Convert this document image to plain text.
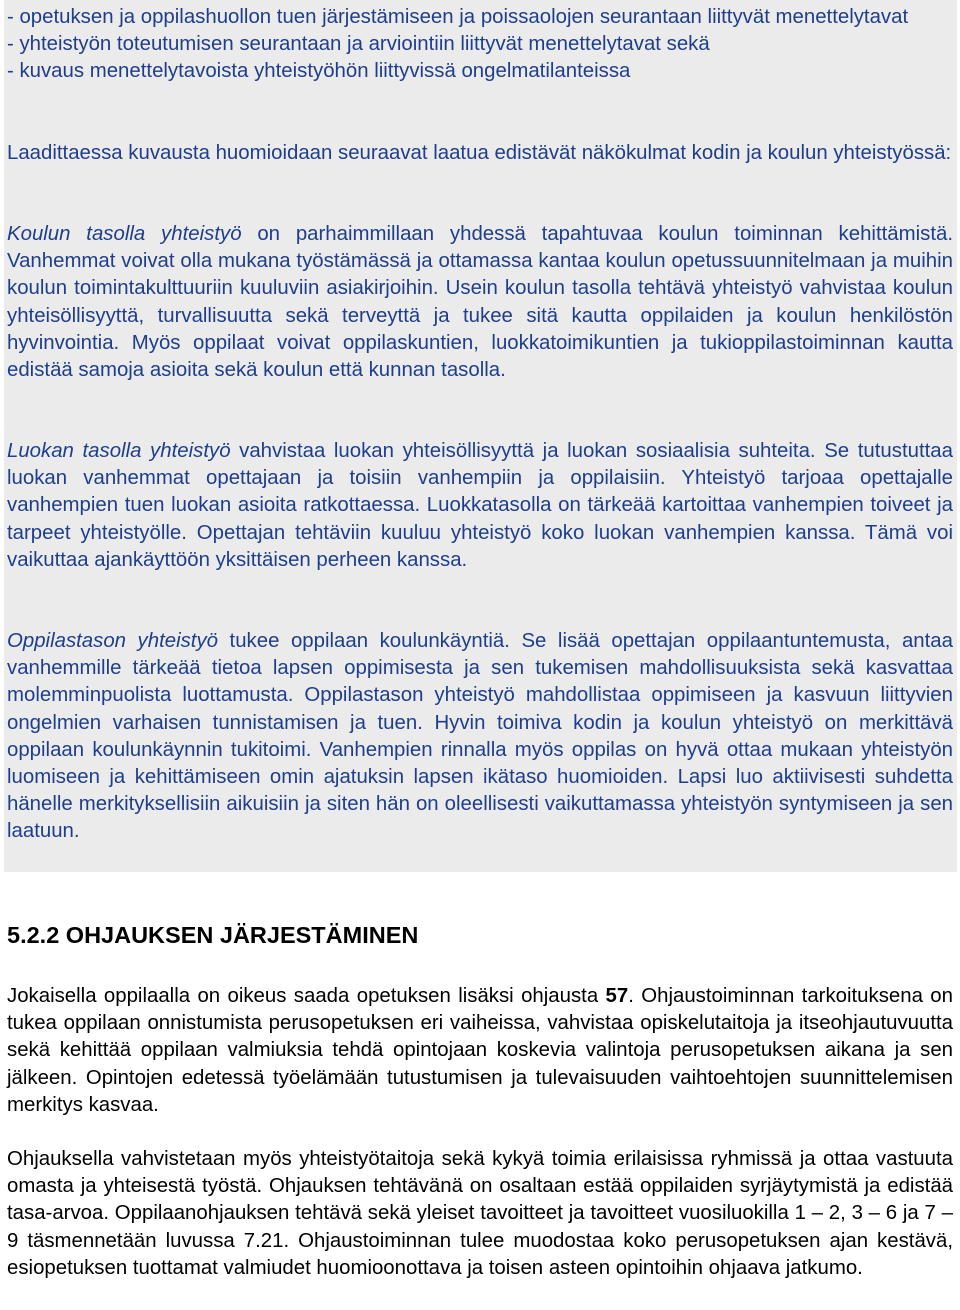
- opetuksen ja oppilashuollon tuen järjestämiseen ja poissaolojen seurantaan liittyvät menettelytavat
- yhteistyön toteutumisen seurantaan ja arviointiin liittyvät menettelytavat sekä
- kuvaus menettelytavoista yhteistyöhön liittyvissä ongelmatilanteissa

Laadittaessa kuvausta huomioidaan seuraavat laatua edistävät näkökulmat kodin ja koulun yhteistyössä:

Koulun tasolla yhteistyö on parhaimmillaan yhdessä tapahtuvaa koulun toiminnan kehittämistä. Vanhemmat voivat olla mukana työstämässä ja ottamassa kantaa koulun opetussuunnitelmaan ja muihin koulun toimintakulttuuriin kuuluviin asiakirjoihin. Usein koulun tasolla tehtävä yhteistyö vahvistaa koulun yhteisöllisyyttä, turvallisuutta sekä terveyttä ja tukee sitä kautta oppilaiden ja koulun henkilöstön hyvinvointia. Myös oppilaat voivat oppilaskuntien, luokkatoimikuntien ja tukioppilastoiminnan kautta edistää samoja asioita sekä koulun että kunnan tasolla.

Luokan tasolla yhteistyö vahvistaa luokan yhteisöllisyyttä ja luokan sosiaalisia suhteita. Se tutustuttaa luokan vanhemmat opettajaan ja toisiin vanhempiin ja oppilaisiin. Yhteistyö tarjoaa opettajalle vanhempien tuen luokan asioita ratkottaessa. Luokkatasolla on tärkeää kartoittaa vanhempien toiveet ja tarpeet yhteistyölle. Opettajan tehtäviin kuuluu yhteistyö koko luokan vanhempien kanssa. Tämä voi vaikuttaa ajankäyttöön yksittäisen perheen kanssa.

Oppilastason yhteistyö tukee oppilaan koulunkäyntiä. Se lisää opettajan oppilaantuntemusta, antaa vanhemmille tärkeää tietoa lapsen oppimisesta ja sen tukemisen mahdollisuuksista sekä kasvattaa molemminpuolista luottamusta. Oppilastason yhteistyö mahdollistaa oppimiseen ja kasvuun liittyvien ongelmien varhaisen tunnistamisen ja tuen. Hyvin toimiva kodin ja koulun yhteistyö on merkittävä oppilaan koulunkäynnin tukitoimi. Vanhempien rinnalla myös oppilas on hyvä ottaa mukaan yhteistyön luomiseen ja kehittämiseen omin ajatuksin lapsen ikätaso huomioiden. Lapsi luo aktiivisesti suhdetta hänelle merkityksellisiin aikuisiin ja siten hän on oleellisesti vaikuttamassa yhteistyön syntymiseen ja sen laatuun.

5.2.2 OHJAUKSEN JÄRJESTÄMINEN

Jokaisella oppilaalla on oikeus saada opetuksen lisäksi ohjausta 57. Ohjaustoiminnan tarkoituksena on tukea oppilaan onnistumista perusopetuksen eri vaiheissa, vahvistaa opiskelutaitoja ja itseohjautuvuutta sekä kehittää oppilaan valmiuksia tehdä opintojaan koskevia valintoja perusopetuksen aikana ja sen jälkeen. Opintojen edetessä työelämään tutustumisen ja tulevaisuuden vaihtoehtojen suunnittelemisen merkitys kasvaa.

Ohjauksella vahvistetaan myös yhteistyötaitoja sekä kykyä toimia erilaisissa ryhmissä ja ottaa vastuuta omasta ja yhteisestä työstä. Ohjauksen tehtävänä on osaltaan estää oppilaiden syrjäytymistä ja edistää tasa-arvoa. Oppilaanohjauksen tehtävä sekä yleiset tavoitteet ja tavoitteet vuosiluokilla 1 – 2, 3 – 6 ja 7 – 9 täsmennetään luvussa 7.21. Ohjaustoiminnan tulee muodostaa koko perusopetuksen ajan kestävä, esiopetuksen tuottamat valmiudet huomioonottava ja toisen asteen opintoihin ohjaava jatkumo.
